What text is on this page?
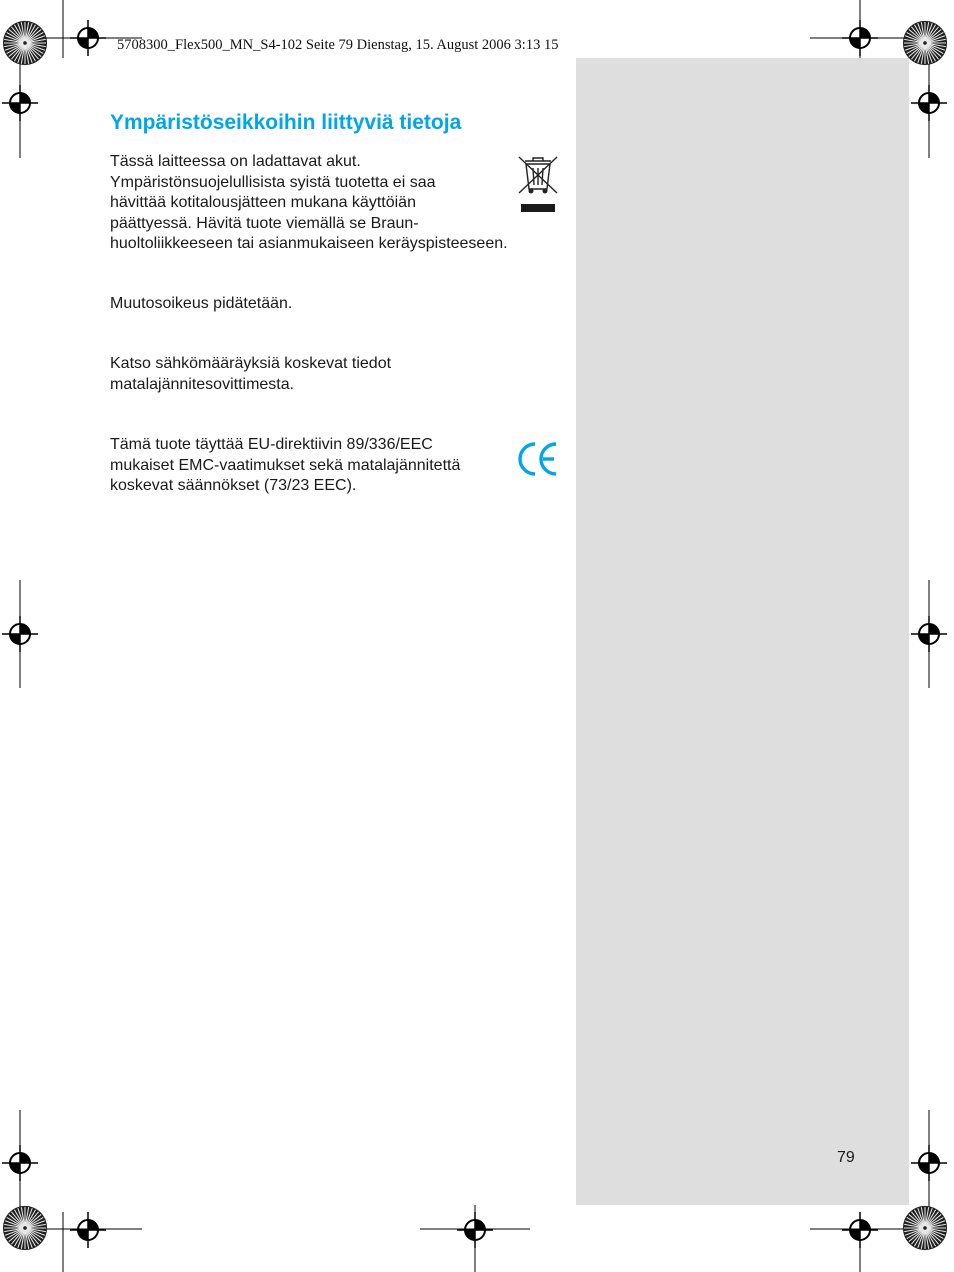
5708300_Flex500_MN_S4-102 Seite 79 Dienstag, 15. August 2006 3:13 15
Ympäristöseikkoihin liittyviä tietoja
Tässä laitteessa on ladattavat akut.
Ympäristönsuojelullisista syistä tuotetta ei saa
hävittää kotitalousjätteen mukana käyttöiän
päättyessä. Hävitä tuote viemällä se Braun-
huoltoliikkeeseen tai asianmukaiseen keräyspisteeseen.
Muutosoikeus pidätetään.
Katso sähkömääräyksiä koskevat tiedot
matalajännitesovittimesta.
Tämä tuote täyttää EU-direktiivin 89/336/EEC
mukaiset EMC-vaatimukset sekä matalajännitettä
koskevat säännökset (73/23 EEC).
79
